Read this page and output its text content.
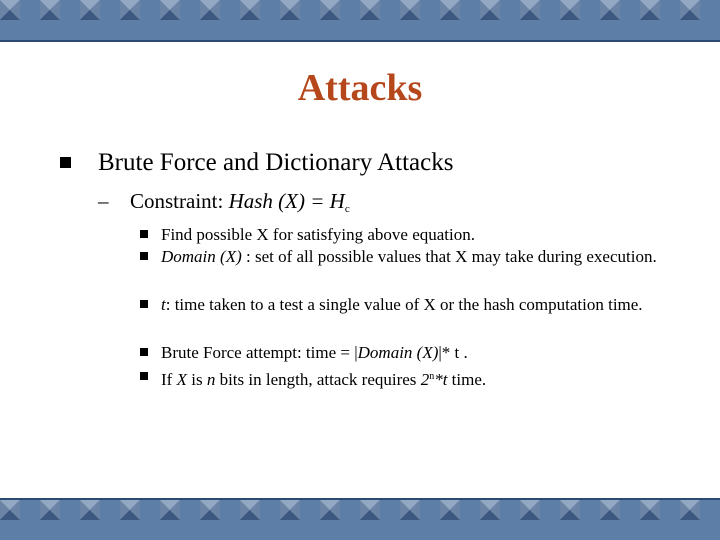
Attacks
Brute Force and Dictionary Attacks
– Constraint: Hash $(X) = H_c$
Find possible X for satisfying above equation.
Domain (X) : set of all possible values that X may take during execution.
t: time taken to a test a single value of X or the hash computation time.
Brute Force attempt: time = |Domain (X)|* t .
If X is n bits in length, attack requires 2$^n$*t time.
